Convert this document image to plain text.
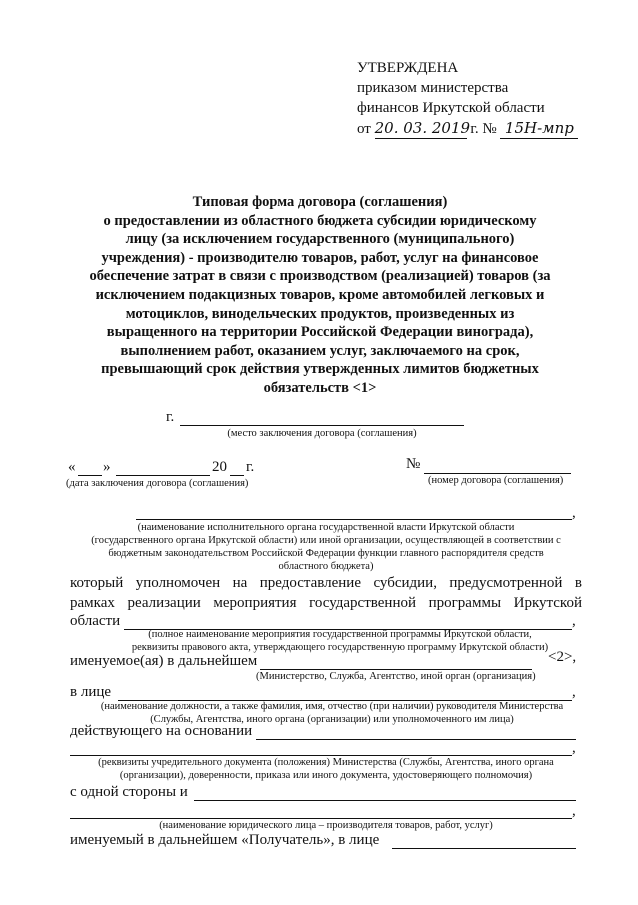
УТВЕРЖДЕНА
приказом министерства
финансов Иркутской области
от 20. 03. 2019 г. № 15Н-мпр
Типовая форма договора (соглашения)
о предоставлении из областного бюджета субсидии юридическому
лицу (за исключением государственного (муниципального)
учреждения) - производителю товаров, работ, услуг на финансовое
обеспечение затрат в связи с производством (реализацией) товаров (за
исключением подакцизных товаров, кроме автомобилей легковых и
мотоциклов, винодельческих продуктов, произведенных из
выращенного на территории Российской Федерации винограда),
выполнением работ, оказанием услуг, заключаемого на срок,
превышающий срок действия утвержденных лимитов бюджетных
обязательств <1>
г.
(место заключения договора (соглашения)
« »	20 г.	№
(дата заключения договора (соглашения)	(номер договора (соглашения)
,
(наименование исполнительного органа государственной власти Иркутской области
(государственного органа Иркутской области) или иной организации, осуществляющей в соответствии с
бюджетным законодательством Российской Федерации функции главного распорядителя средств
областного бюджета)
который уполномочен на предоставление субсидии, предусмотренной в
рамках реализации мероприятия государственной программы Иркутской
области	,
(полное наименование мероприятия государственной программы Иркутской области,
реквизиты правового акта, утверждающего государственную программу Иркутской области)
именуемое(ая) в дальнейшем	<2>,
(Министерство, Служба, Агентство, иной орган (организация)
в лице	,
(наименование должности, а также фамилия, имя, отчество (при наличии) руководителя Министерства
(Службы, Агентства, иного органа (организации) или уполномоченного им лица)
действующего на основании
,
(реквизиты учредительного документа (положения) Министерства (Службы, Агентства, иного органа
(организации), доверенности, приказа или иного документа, удостоверяющего полномочия)
с одной стороны и
,
(наименование юридического лица – производителя товаров, работ, услуг)
именуемый в дальнейшем «Получатель», в лице
